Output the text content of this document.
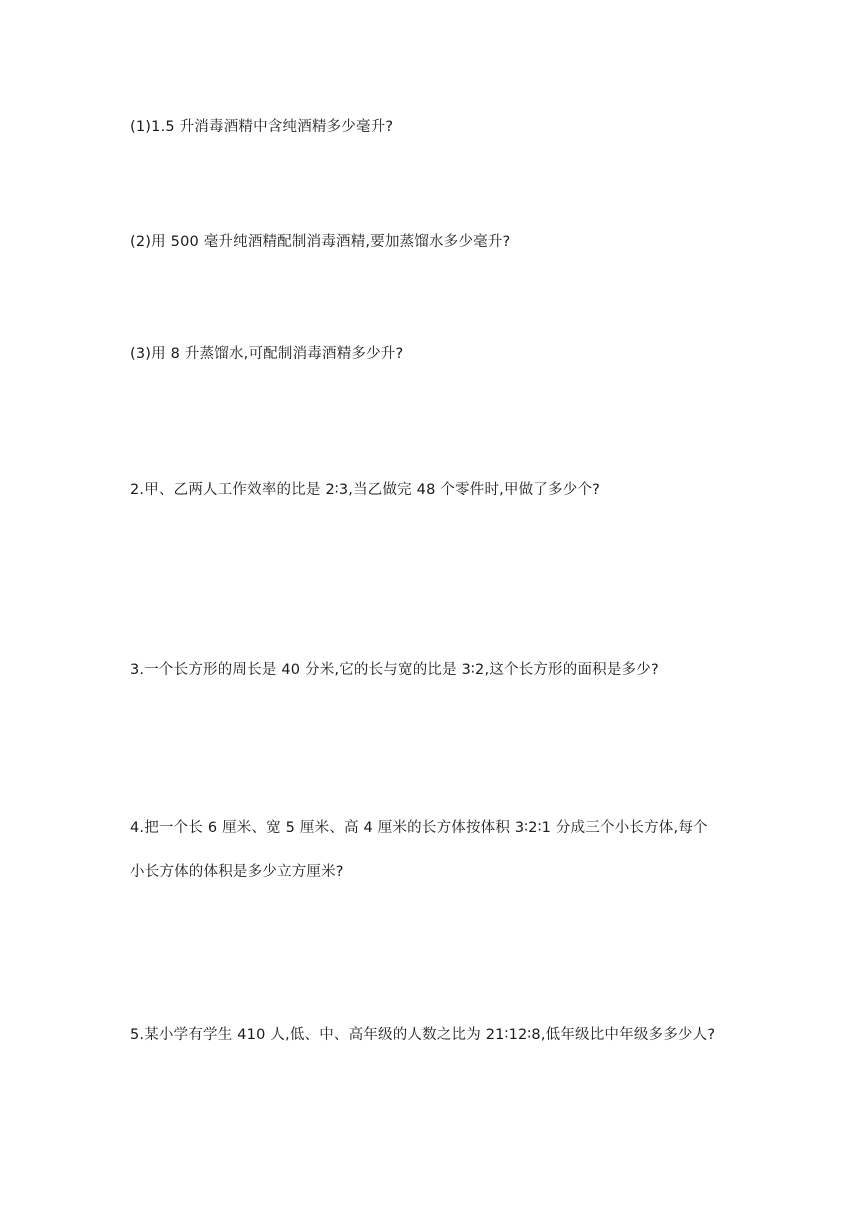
(1)1.5 升消毒酒精中含纯酒精多少毫升?
(2)用 500 毫升纯酒精配制消毒酒精,要加蒸馏水多少毫升?
(3)用 8 升蒸馏水,可配制消毒酒精多少升?
2.甲、乙两人工作效率的比是 2∶3,当乙做完 48 个零件时,甲做了多少个?
3.一个长方形的周长是 40 分米,它的长与宽的比是 3∶2,这个长方形的面积是多少?
4.把一个长 6 厘米、宽 5 厘米、高 4 厘米的长方体按体积 3∶2∶1 分成三个小长方体,每个
小长方体的体积是多少立方厘米?
5.某小学有学生 410 人,低、中、高年级的人数之比为 21∶12∶8,低年级比中年级多多少人?
